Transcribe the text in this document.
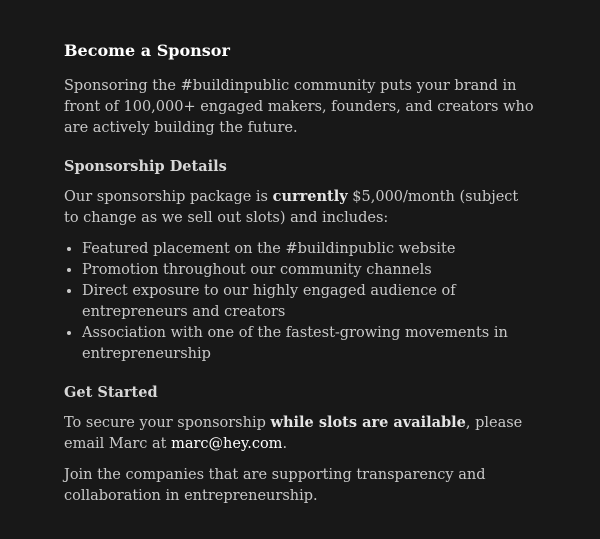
Become a Sponsor

Sponsoring the #buildinpublic community puts your brand in front of 100,000+ engaged makers, founders, and creators who are actively building the future.

Sponsorship Details

Our sponsorship package is currently $5,000/month (subject to change as we sell out slots) and includes:

• Featured placement on the #buildinpublic website
• Promotion throughout our community channels
• Direct exposure to our highly engaged audience of entrepreneurs and creators
• Association with one of the fastest-growing movements in entrepreneurship
Get Started

To secure your sponsorship while slots are available, please email Marc at marc@hey.com.

Join the companies that are supporting transparency and collaboration in entrepreneurship.
